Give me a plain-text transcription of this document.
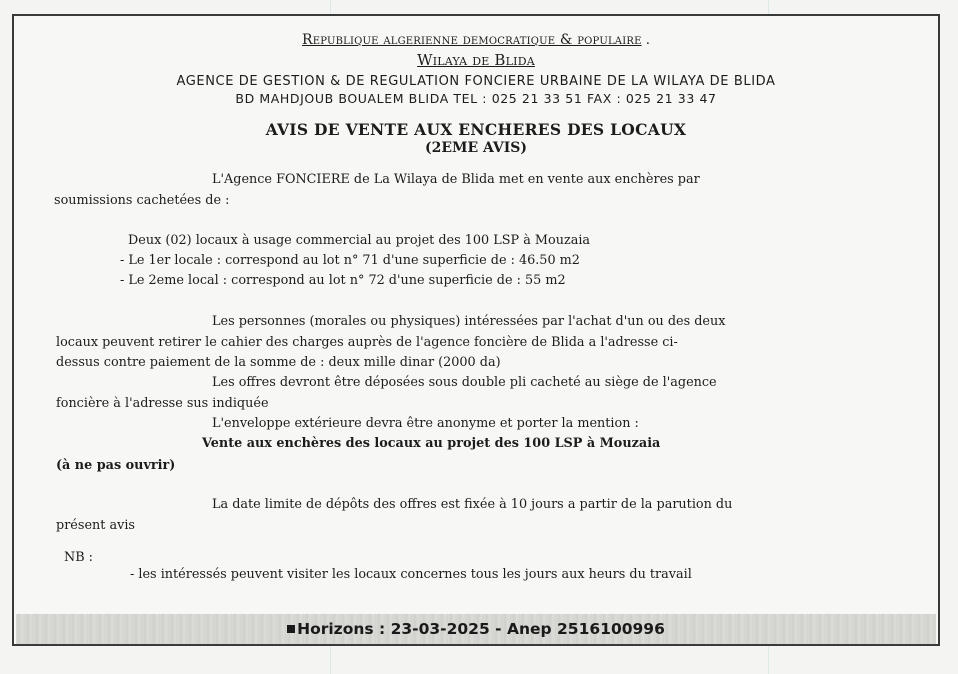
Republique algerienne democratique & populaire .
Wilaya de Blida
AGENCE DE GESTION & DE REGULATION FONCIERE URBAINE DE LA WILAYA DE BLIDA
BD MAHDJOUB BOUALEM BLIDA TEL : 025 21 33 51 FAX : 025 21 33 47
AVIS DE VENTE AUX ENCHERES DES LOCAUX
(2EME AVIS)
L'Agence FONCIERE de La Wilaya de Blida met en vente aux enchères par
soumissions cachetées de :
Deux (02) locaux à usage commercial au projet des 100 LSP à Mouzaia
- Le 1er locale : correspond au lot n° 71 d'une superficie de : 46.50 m2
- Le 2eme local : correspond au lot n° 72 d'une superficie de : 55 m2
Les personnes (morales ou physiques) intéressées par l'achat d'un ou des deux
locaux peuvent retirer le cahier des charges auprès de l'agence foncière de Blida a l'adresse ci-
dessus contre paiement de la somme de : deux mille dinar (2000 da)
Les offres devront être déposées sous double pli cacheté au siège de l'agence
foncière à l'adresse sus indiquée
L'enveloppe extérieure devra être anonyme et porter la mention :
Vente aux enchères des locaux au projet des 100 LSP à Mouzaia
(à ne pas ouvrir)
La date limite de dépôts des offres est fixée à 10 jours a partir de la parution du
présent avis
NB :
- les intéressés peuvent visiter les locaux concernes tous les jours aux heurs du travail
Horizons : 23-03-2025 - Anep 2516100996
